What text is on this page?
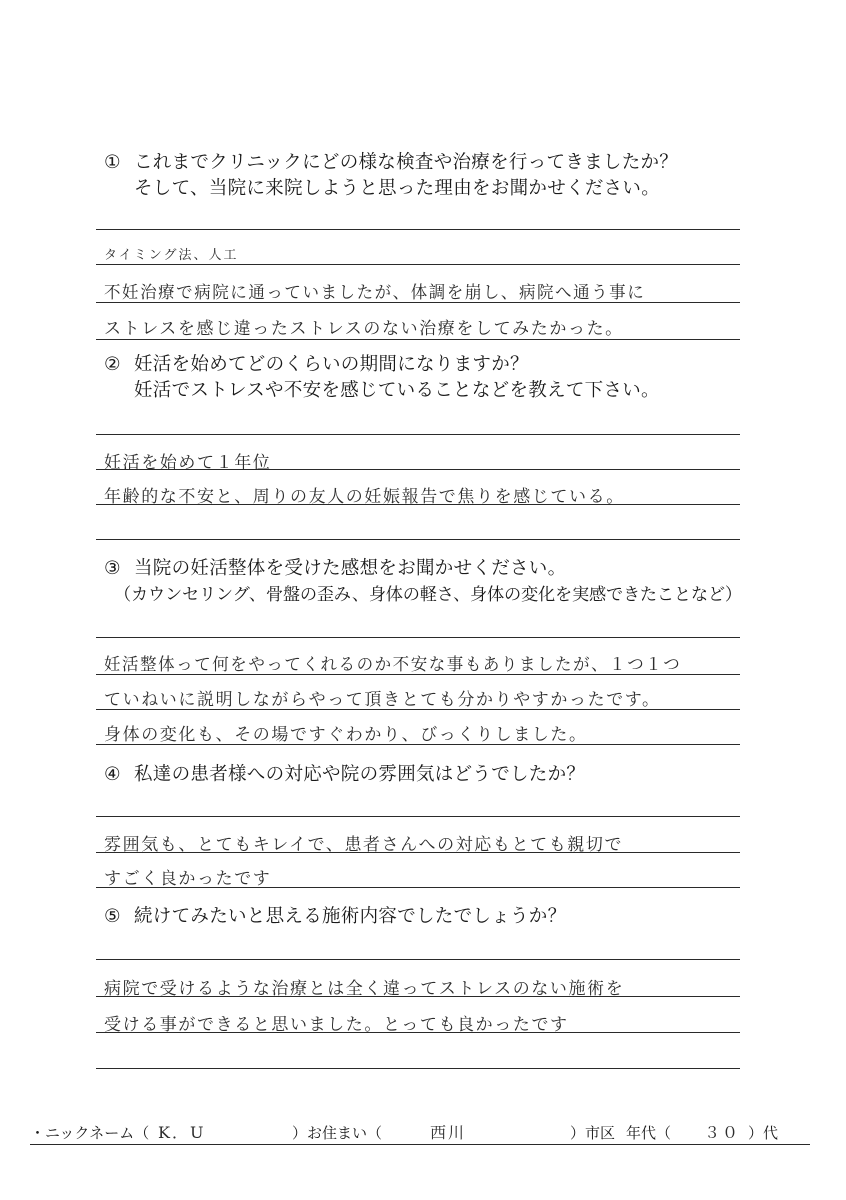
① これまでクリニックにどの様な検査や治療を行ってきましたか？
そして、当院に来院しようと思った理由をお聞かせください。
タイミング法、人工
不妊治療で病院に通っていましたが、体調を崩し、病院へ通う事に
ストレスを感じ違ったストレスのない治療をしてみたかった。
② 妊活を始めてどのくらいの期間になりますか？
妊活でストレスや不安を感じていることなどを教えて下さい。
妊活を始めて１年位
年齢的な不安と、周りの友人の妊娠報告で焦りを感じている。
③ 当院の妊活整体を受けた感想をお聞かせください。
（カウンセリング、骨盤の歪み、身体の軽さ、身体の変化を実感できたことなど）
妊活整体って何をやってくれるのか不安な事もありましたが、１つ１つ
ていねいに説明しながらやって頂きとても分かりやすかったです。
身体の変化も、その場ですぐわかり、びっくりしました。
④ 私達の患者様への対応や院の雰囲気はどうでしたか？
雰囲気も、とてもキレイで、患者さんへの対応もとても親切で
すごく良かったです
⑤ 続けてみたいと思える施術内容でしたでしょうか？
病院で受けるような治療とは全く違ってストレスのない施術を
受ける事ができると思いました。とっても良かったです
・ニックネーム（ K．U	）お住まい（	西川	）市区 年代（ ３０ ）代
